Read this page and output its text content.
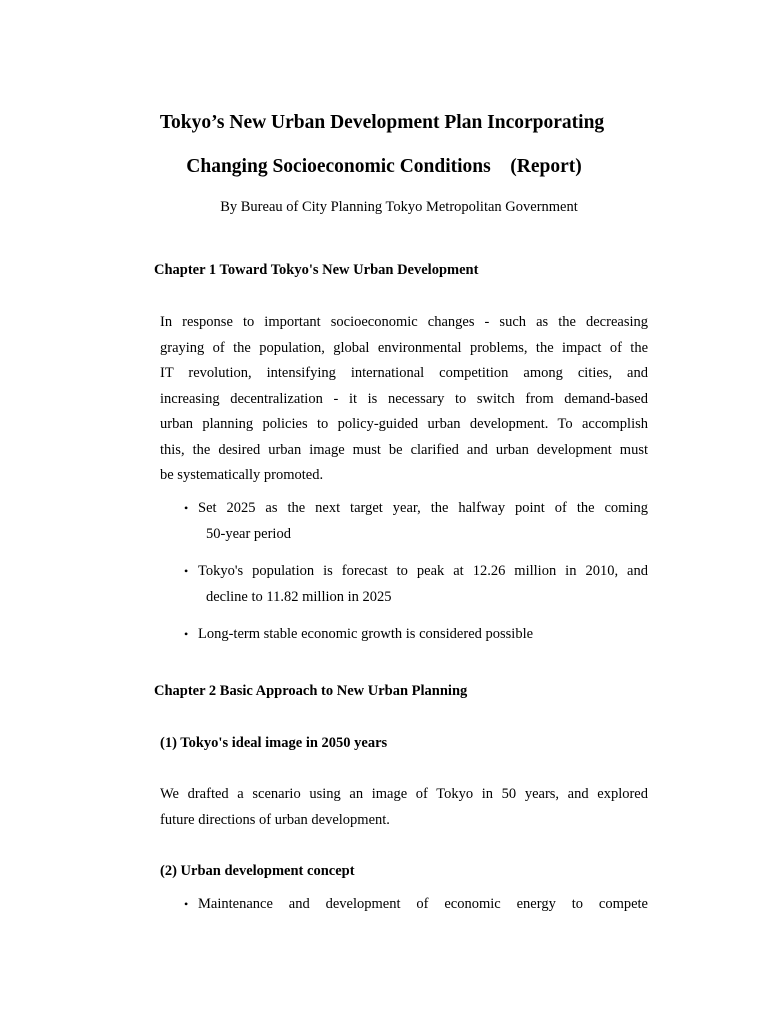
Tokyo’s New Urban Development Plan Incorporating
Changing Socioeconomic Conditions　(Report)
By Bureau of City Planning Tokyo Metropolitan Government
Chapter 1 Toward Tokyo's New Urban Development
In response to important socioeconomic changes - such as the decreasing
graying of the population, global environmental problems, the impact of the
IT revolution, intensifying international competition among cities, and
increasing decentralization - it is necessary to switch from demand-based
urban planning policies to policy-guided urban development. To accomplish
this, the desired urban image must be clarified and urban development must
be systematically promoted.
• Set 2025 as the next target year, the halfway point of the coming
50-year period
• Tokyo's population is forecast to peak at 12.26 million in 2010, and
decline to 11.82 million in 2025
• Long-term stable economic growth is considered possible
Chapter 2 Basic Approach to New Urban Planning
(1) Tokyo's ideal image in 2050 years
We drafted a scenario using an image of Tokyo in 50 years, and explored
future directions of urban development.
(2) Urban development concept
• Maintenance and development of economic energy to compete
